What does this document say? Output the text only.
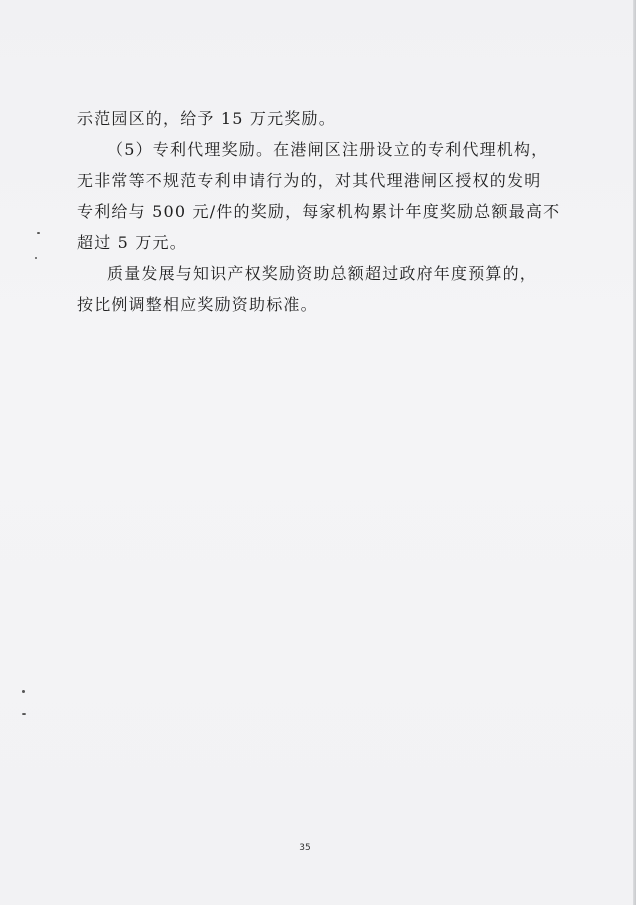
示范园区的，给予 15 万元奖励。
（5）专利代理奖励。在港闸区注册设立的专利代理机构，
无非常等不规范专利申请行为的，对其代理港闸区授权的发明
专利给与 500 元/件的奖励，每家机构累计年度奖励总额最高不
超过 5 万元。
质量发展与知识产权奖励资助总额超过政府年度预算的，
按比例调整相应奖励资助标准。
35
